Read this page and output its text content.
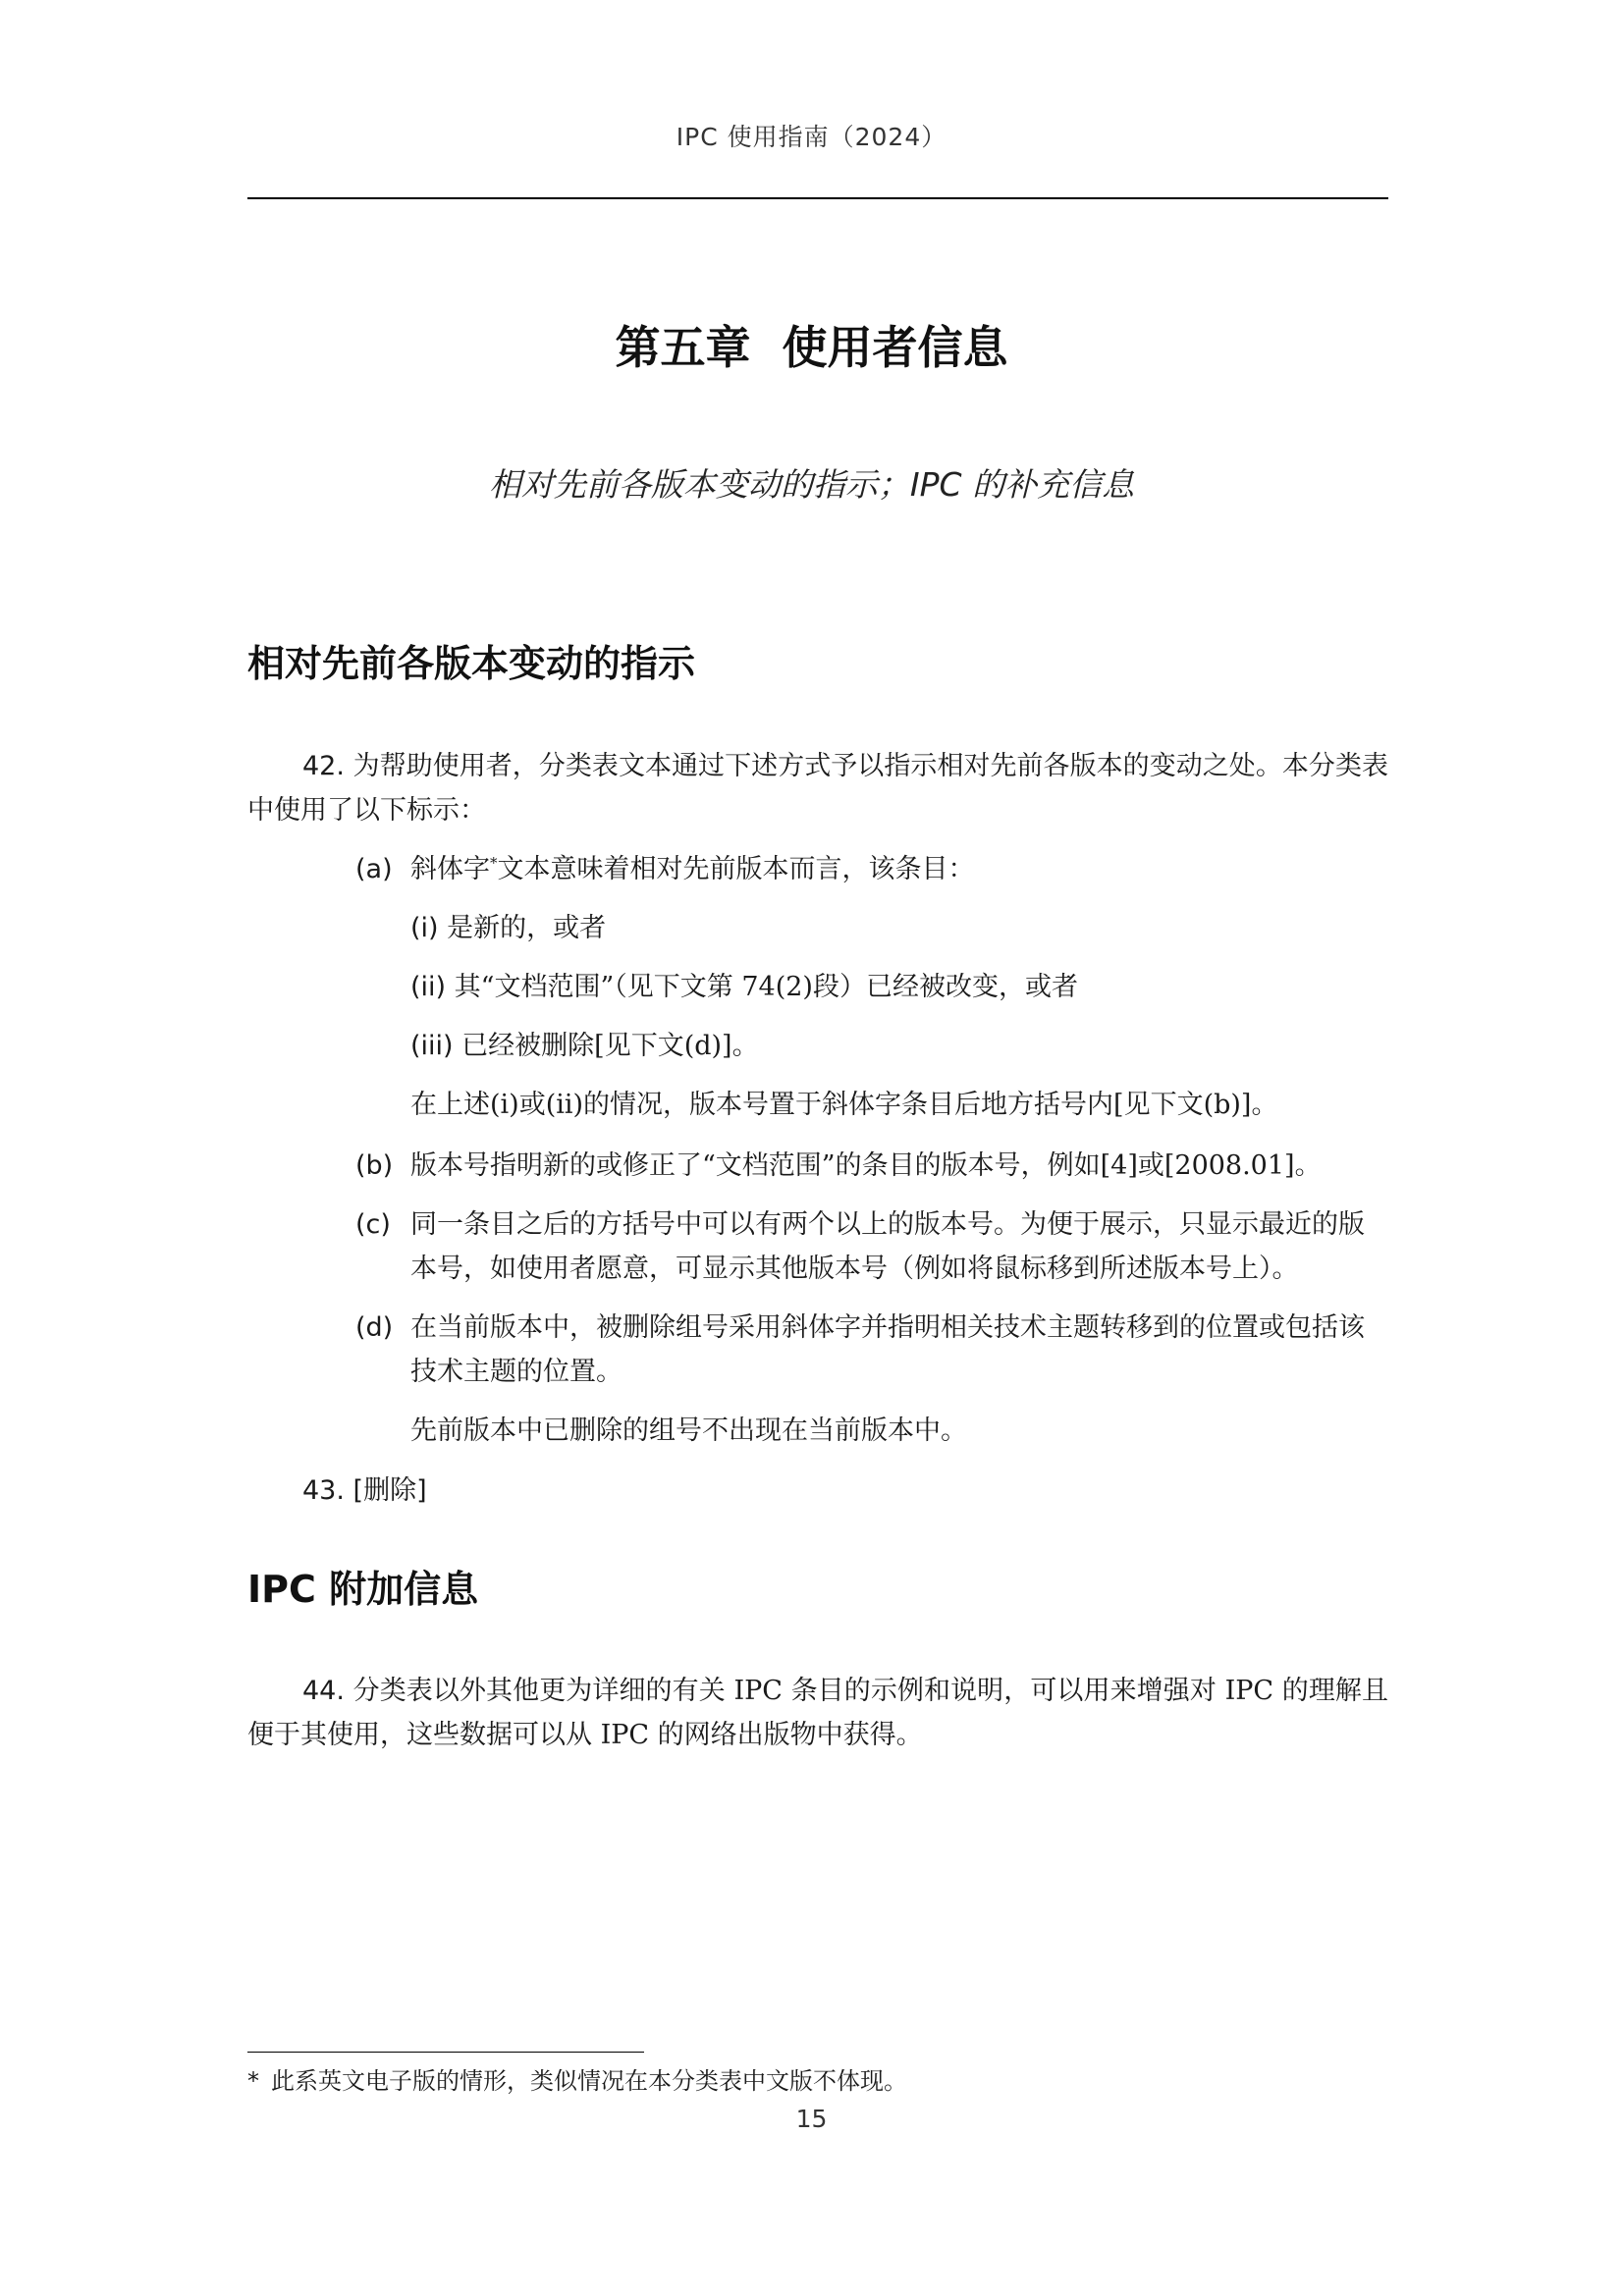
IPC 使用指南（2024）
第五章  使用者信息
相对先前各版本变动的指示；IPC 的补充信息
相对先前各版本变动的指示
42. 为帮助使用者，分类表文本通过下述方式予以指示相对先前各版本的变动之处。本分类表中使用了以下标示：
(a) 斜体字*文本意味着相对先前版本而言，该条目：
(i) 是新的，或者
(ii) 其“文档范围”（见下文第 74(2)段）已经被改变，或者
(iii) 已经被删除[见下文(d)]。
在上述(i)或(ii)的情况，版本号置于斜体字条目后地方括号内[见下文(b)]。
(b) 版本号指明新的或修正了“文档范围”的条目的版本号，例如[4]或[2008.01]。
(c) 同一条目之后的方括号中可以有两个以上的版本号。为便于展示，只显示最近的版本号，如使用者愿意，可显示其他版本号（例如将鼠标移到所述版本号上）。
(d) 在当前版本中，被删除组号采用斜体字并指明相关技术主题转移到的位置或包括该技术主题的位置。
先前版本中已删除的组号不出现在当前版本中。
43. [删除]
IPC 附加信息
44. 分类表以外其他更为详细的有关 IPC 条目的示例和说明，可以用来增强对 IPC 的理解且便于其使用，这些数据可以从 IPC 的网络出版物中获得。
* 此系英文电子版的情形，类似情况在本分类表中文版不体现。
15
